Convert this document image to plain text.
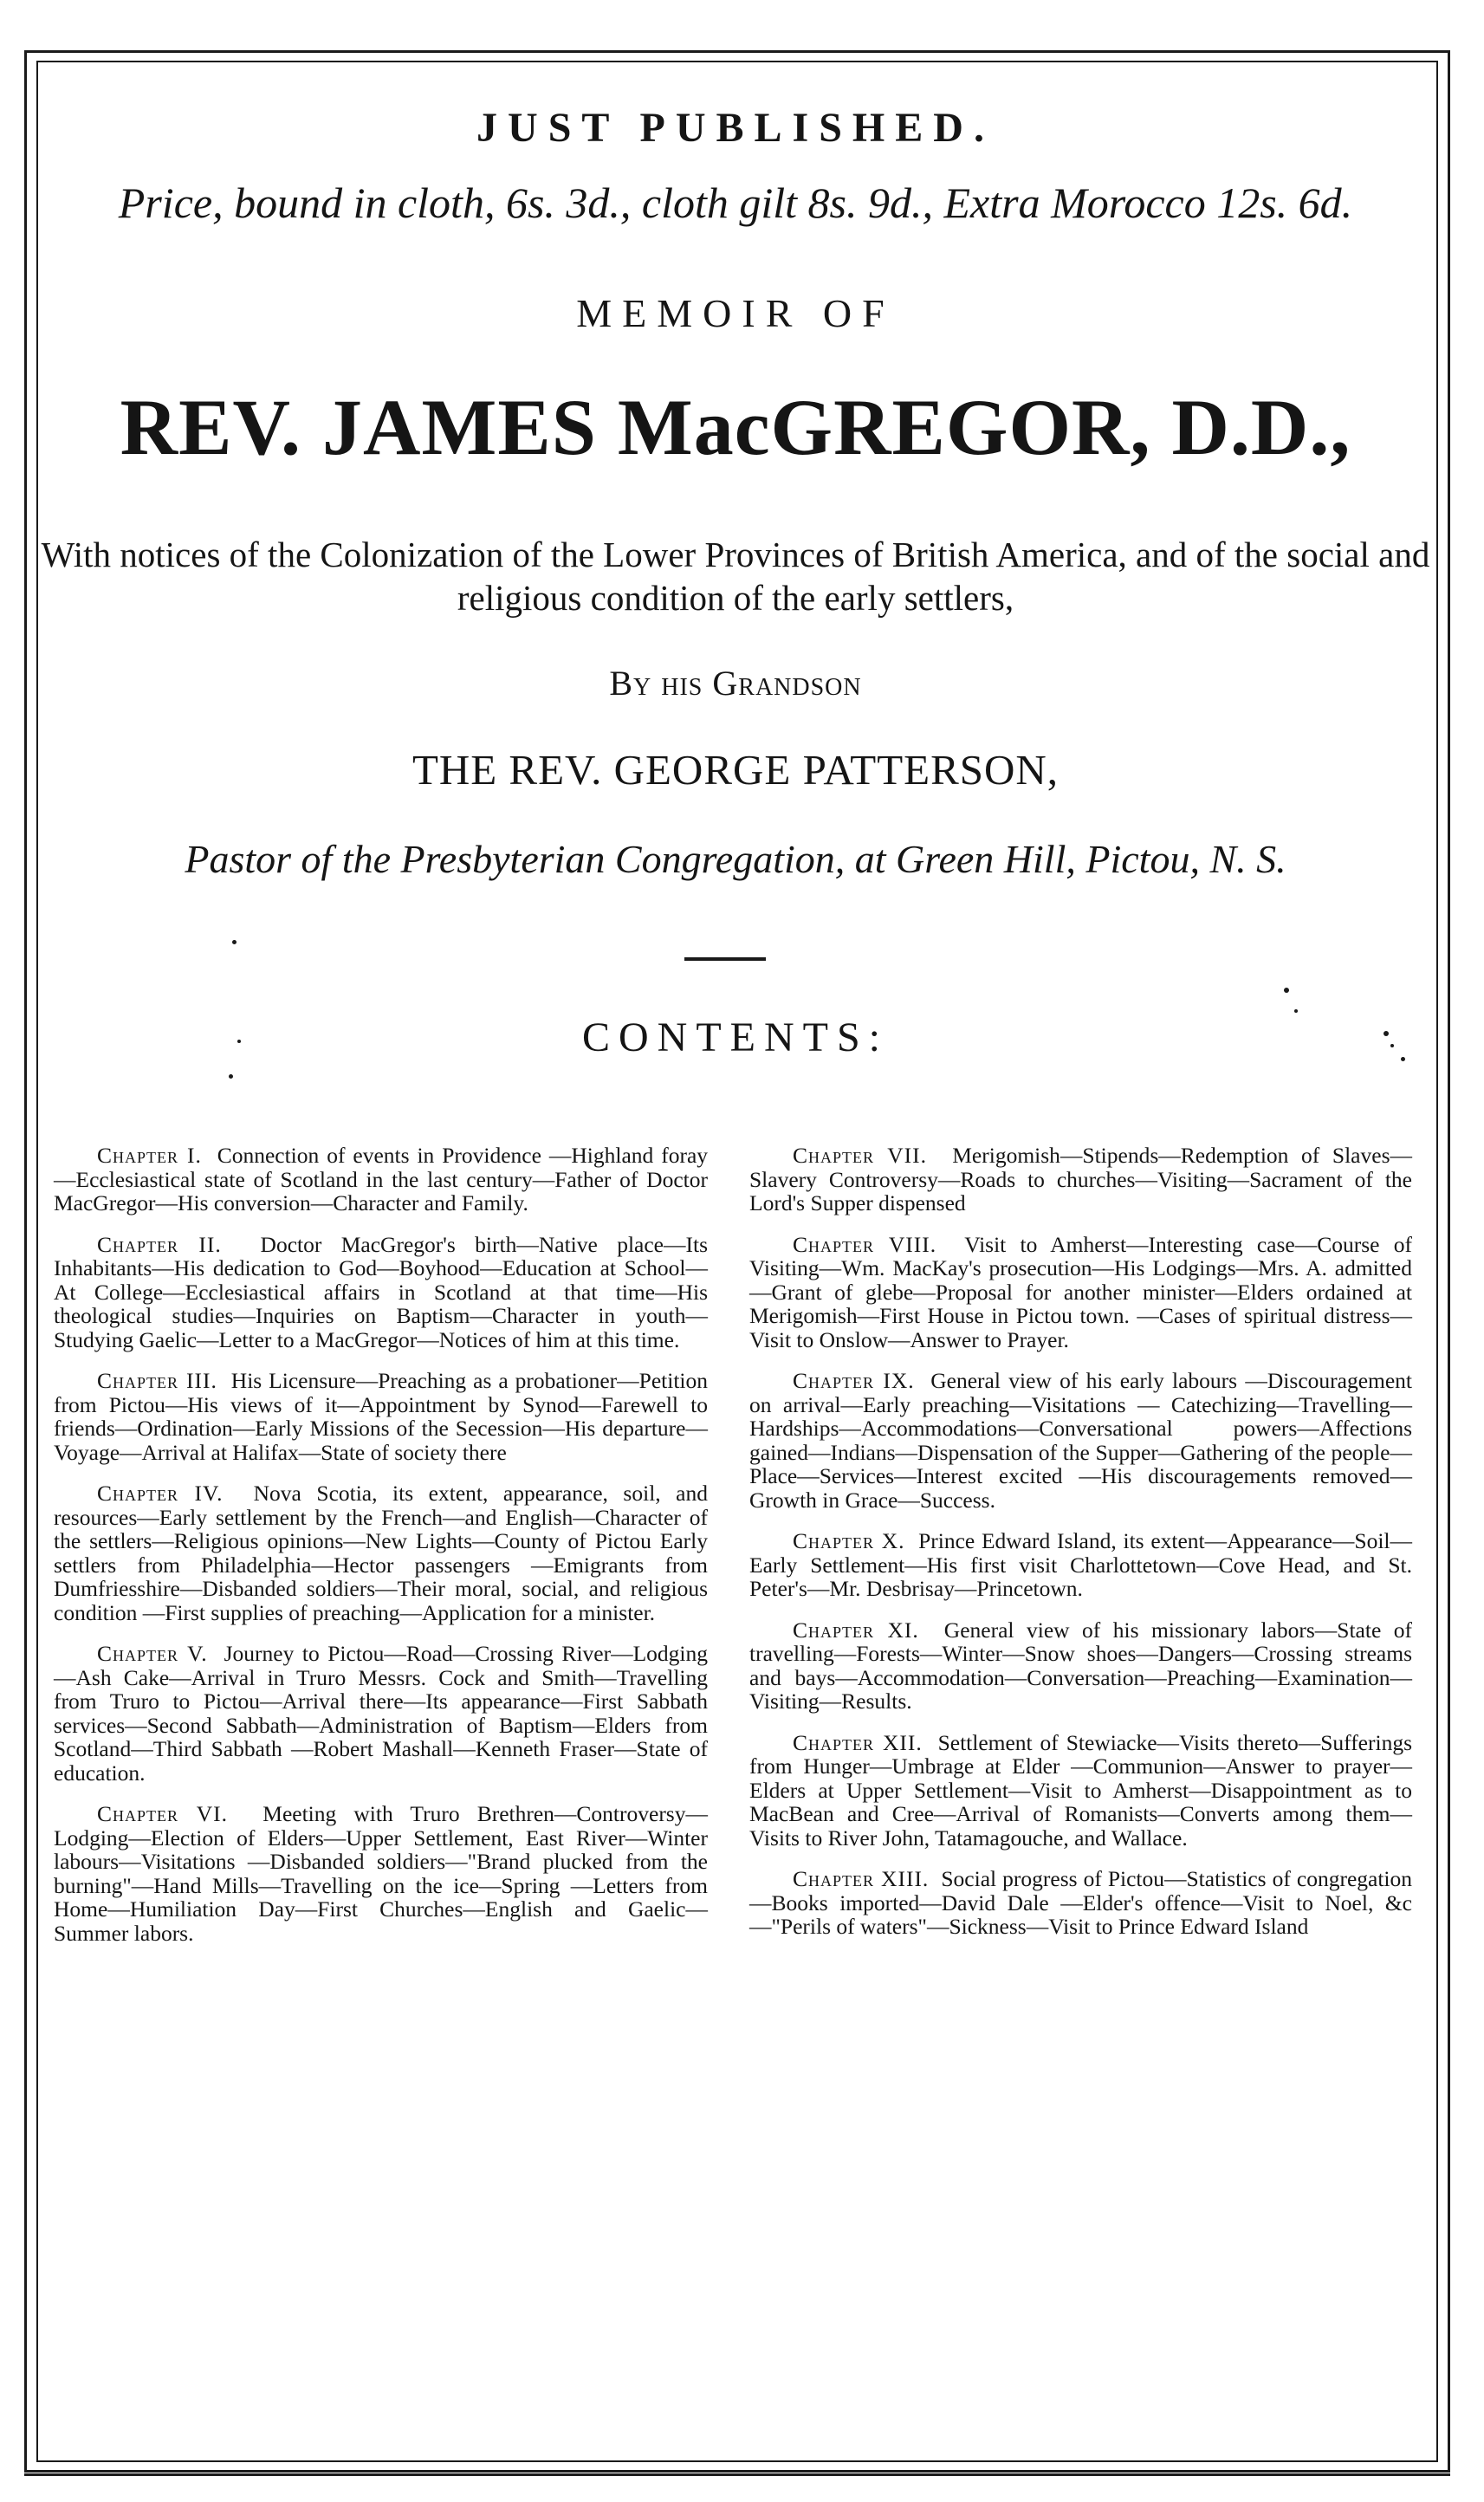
JUST PUBLISHED.
Price, bound in cloth, 6s. 3d., cloth gilt 8s. 9d., Extra Morocco 12s. 6d.
MEMOIR OF
REV. JAMES MacGREGOR, D.D.,
With notices of the Colonization of the Lower Provinces of British America, and of the social and religious condition of the early settlers,
By his Grandson
THE REV. GEORGE PATTERSON,
Pastor of the Presbyterian Congregation, at Green Hill, Pictou, N. S.
CONTENTS:

Chapter I. Connection of events in Providence —Highland foray—Ecclesiastical state of Scotland in the last century—Father of Doctor MacGregor—His conversion—Character and Family.

Chapter II. Doctor MacGregor's birth—Native place—Its Inhabitants—His dedication to God—Boyhood—Education at School—At College—Ecclesiastical affairs in Scotland at that time—His theological studies—Inquiries on Baptism—Character in youth—Studying Gaelic—Letter to a MacGregor—Notices of him at this time.

Chapter III. His Licensure—Preaching as a probationer—Petition from Pictou—His views of it—Appointment by Synod—Farewell to friends—Ordination—Early Missions of the Secession—His departure—Voyage—Arrival at Halifax—State of society there

Chapter IV. Nova Scotia, its extent, appearance, soil, and resources—Early settlement by the French—and English—Character of the settlers—Religious opinions—New Lights—County of Pictou Early settlers from Philadelphia—Hector passengers —Emigrants from Dumfriesshire—Disbanded soldiers—Their moral, social, and religious condition —First supplies of preaching—Application for a minister.

Chapter V. Journey to Pictou—Road—Crossing River—Lodging—Ash Cake—Arrival in Truro Messrs. Cock and Smith—Travelling from Truro to Pictou—Arrival there—Its appearance—First Sabbath services—Second Sabbath—Administration of Baptism—Elders from Scotland—Third Sabbath —Robert Mashall—Kenneth Fraser—State of education.

Chapter VI. Meeting with Truro Brethren—Controversy—Lodging—Election of Elders—Upper Settlement, East River—Winter labours—Visitations —Disbanded soldiers—"Brand plucked from the burning"—Hand Mills—Travelling on the ice—Spring —Letters from Home—Humiliation Day—First Churches—English and Gaelic—Summer labors.

Chapter VII. Merigomish—Stipends—Redemption of Slaves—Slavery Controversy—Roads to churches—Visiting—Sacrament of the Lord's Supper dispensed

Chapter VIII. Visit to Amherst—Interesting case—Course of Visiting—Wm. MacKay's prosecution—His Lodgings—Mrs. A. admitted—Grant of glebe—Proposal for another minister—Elders ordained at Merigomish—First House in Pictou town. —Cases of spiritual distress—Visit to Onslow—Answer to Prayer.

Chapter IX. General view of his early labours —Discouragement on arrival—Early preaching—Visitations — Catechizing—Travelling—Hardships—Accommodations—Conversational powers—Affections gained—Indians—Dispensation of the Supper—Gathering of the people—Place—Services—Interest excited —His discouragements removed—Growth in Grace—Success.

Chapter X. Prince Edward Island, its extent—Appearance—Soil—Early Settlement—His first visit Charlottetown—Cove Head, and St. Peter's—Mr. Desbrisay—Princetown.

Chapter XI. General view of his missionary labors—State of travelling—Forests—Winter—Snow shoes—Dangers—Crossing streams and bays—Accommodation—Conversation—Preaching—Examination—Visiting—Results.

Chapter XII. Settlement of Stewiacke—Visits thereto—Sufferings from Hunger—Umbrage at Elder —Communion—Answer to prayer—Elders at Upper Settlement—Visit to Amherst—Disappointment as to MacBean and Cree—Arrival of Romanists—Converts among them—Visits to River John, Tatamagouche, and Wallace.

Chapter XIII. Social progress of Pictou—Statistics of congregation—Books imported—David Dale —Elder's offence—Visit to Noel, &c —"Perils of waters"—Sickness—Visit to Prince Edward Island
